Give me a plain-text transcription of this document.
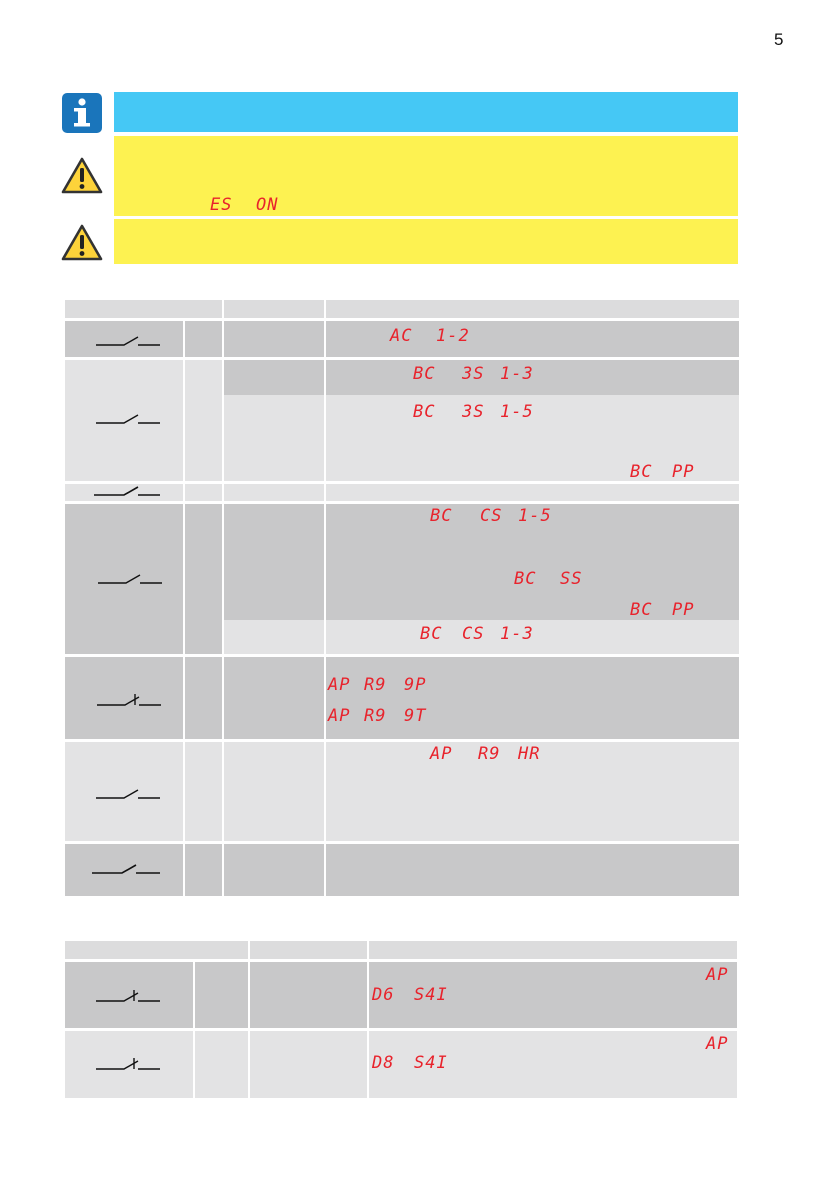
5
ES ON
AC 1-2
BC 3S 1-3
BC 3S 1-5
BC PP
BC CS 1-5
BC SS
BC PP
BC CS 1-3
AP R9 9P
AP R9 9T
AP R9 HR
AP
D6 S4I
AP
D8 S4I
